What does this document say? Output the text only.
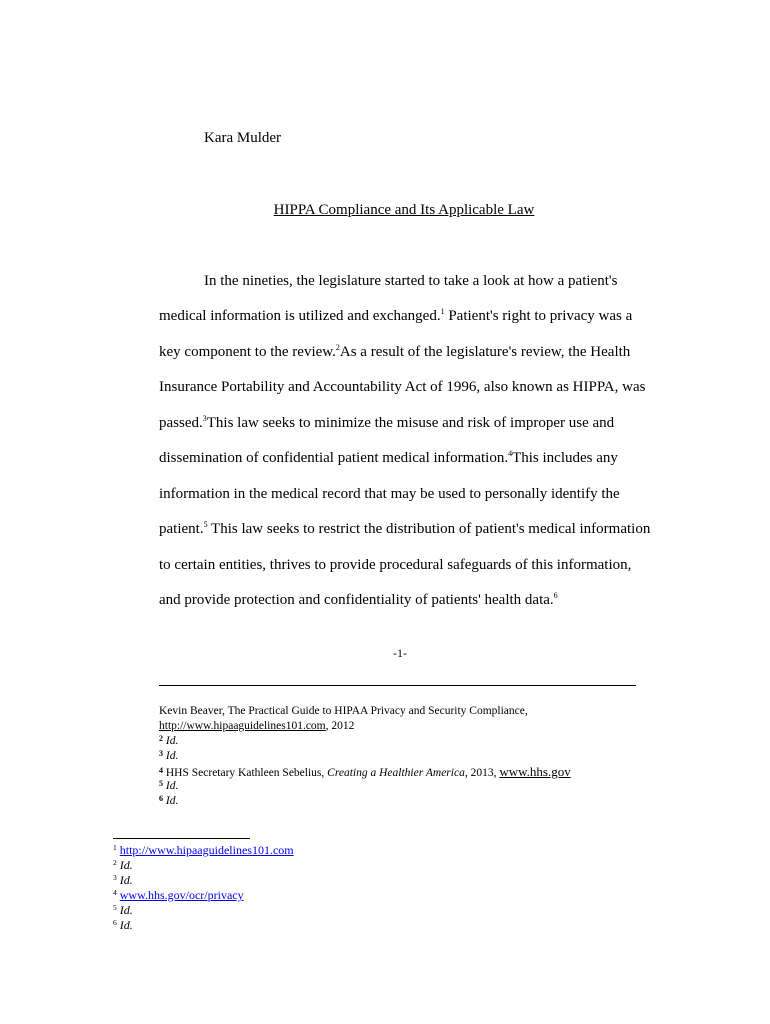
Kara Mulder
HIPPA Compliance and Its Applicable Law
In the nineties, the legislature started to take a look at how a patient's
medical information is utilized and exchanged.$^1$ Patient's right to privacy was a
key component to the review.$^2$As a result of the legislature's review, the Health
Insurance Portability and Accountability Act of 1996, also known as HIPPA, was
passed.$^3$This law seeks to minimize the misuse and risk of improper use and
dissemination of confidential patient medical information.$^4$This includes any
information in the medical record that may be used to personally identify the
patient.$^5$ This law seeks to restrict the distribution of patient's medical information
to certain entities, thrives to provide procedural safeguards of this information,
and provide protection and confidentiality of patients' health data.$^6$
-1-
Kevin Beaver, The Practical Guide to HIPAA Privacy and Security Compliance,
http://www.hipaaguidelines101.com, 2012
$^2$ Id.
$^3$ Id.
$^4$ HHS Secretary Kathleen Sebelius, Creating a Healthier America, 2013, www.hhs.gov
$^5$ Id.
$^6$ Id.
$^1$ http://www.hipaaguidelines101.com
$^2$ Id.
$^3$ Id.
$^4$ www.hhs.gov/ocr/privacy
$^5$ Id.
$^6$ Id.
